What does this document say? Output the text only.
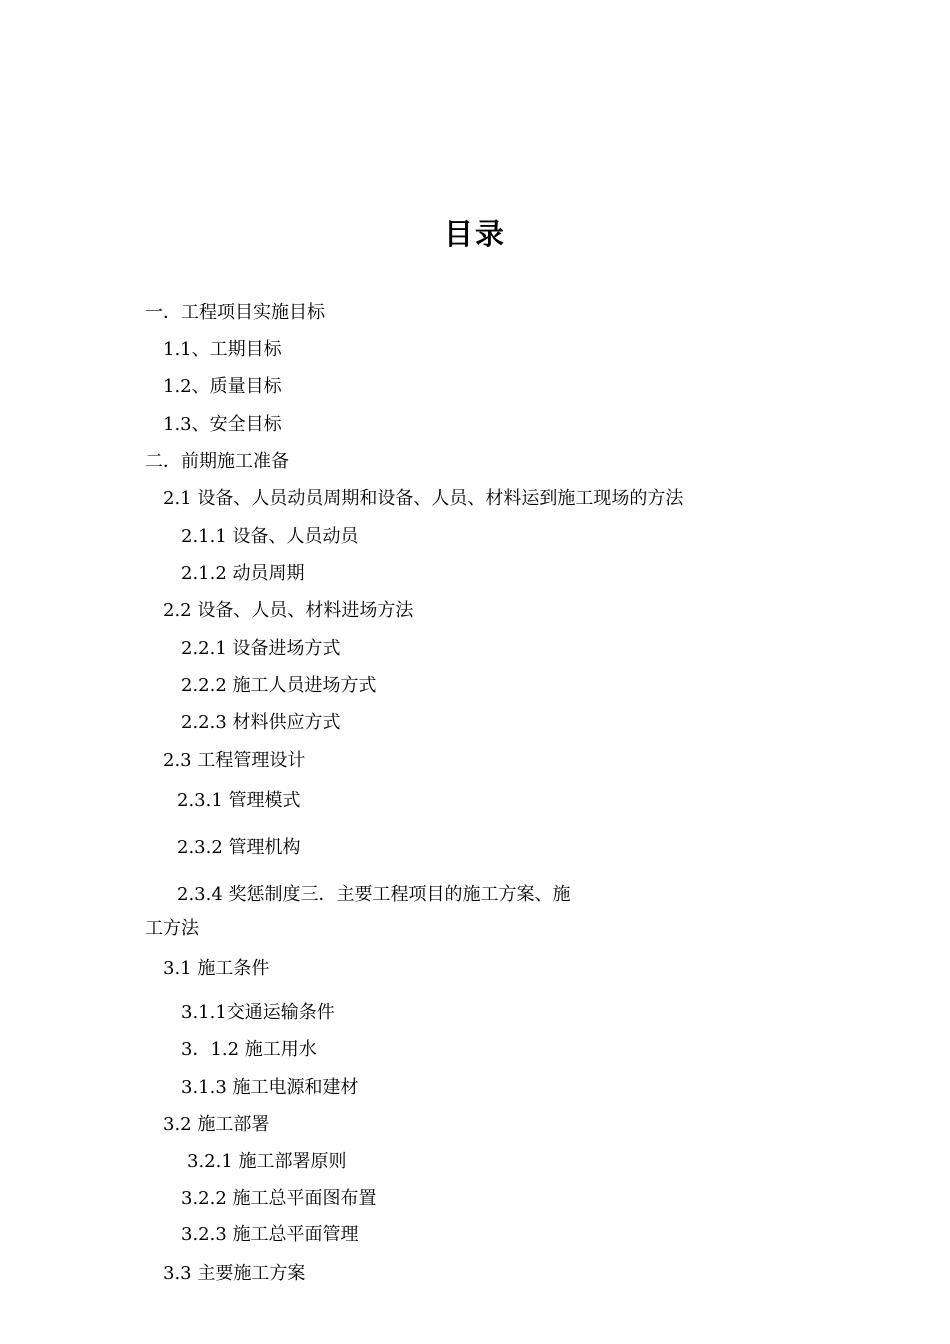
目录
一．工程项目实施目标
1.1、工期目标
1.2、质量目标
1.3、安全目标
二．前期施工准备
2.1 设备、人员动员周期和设备、人员、材料运到施工现场的方法
2.1.1 设备、人员动员
2.1.2 动员周期
2.2 设备、人员、材料进场方法
2.2.1 设备进场方式
2.2.2 施工人员进场方式
2.2.3 材料供应方式
2.3 工程管理设计
2.3.1 管理模式
2.3.2 管理机构
2.3.4 奖惩制度三．主要工程项目的施工方案、施
工方法
3.1 施工条件
3.1.1交通运输条件
3．1.2 施工用水
3.1.3 施工电源和建材
3.2 施工部署
3.2.1 施工部署原则
3.2.2 施工总平面图布置
3.2.3 施工总平面管理
3.3 主要施工方案
